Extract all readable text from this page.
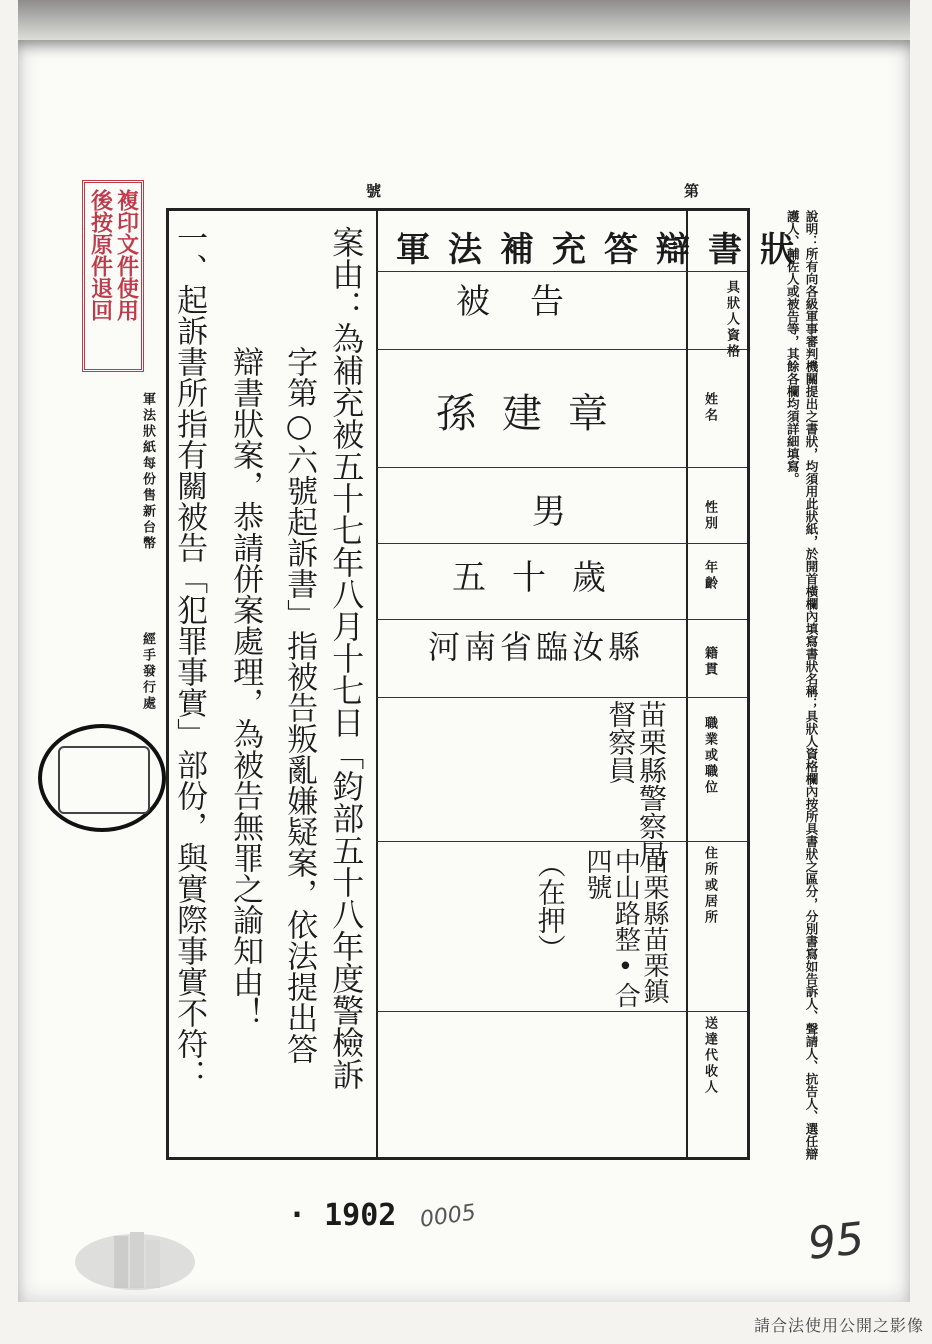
第
號
複印文件使用
後按原件退回
軍法狀紙每份售新台幣
經手發行處
軍法補充答辯書狀
具狀人資格
姓名
性別
年齡
籍貫
職業或職位
住所或居所
送達代收人
被告
孫建章
男
五十歲
河南省臨汝縣
苗栗縣警察局督察員
苗栗縣苗栗鎮中山路整•合四號
（在押）
案由：為補充被五十七年八月十七日「鈞部五十八年度警檢訴
字第○六號起訴書」指被告叛亂嫌疑案，依法提出答
辯書狀案，恭請併案處理，為被告無罪之諭知由！
一、起訴書所指有關被告「犯罪事實」部份，與實際事實不符：	說明：所有向各級軍事審判機關提出之書狀，均須用此狀紙，於開首橫欄內填寫書狀名稱；具狀人資格欄內按所具書狀之區分，分別書寫如告訴人、聲請人、抗告人、選任辯護人、輔佐人或被告等，其餘各欄均須詳細填寫。
· 1902 0005	95
請合法使用公開之影像
